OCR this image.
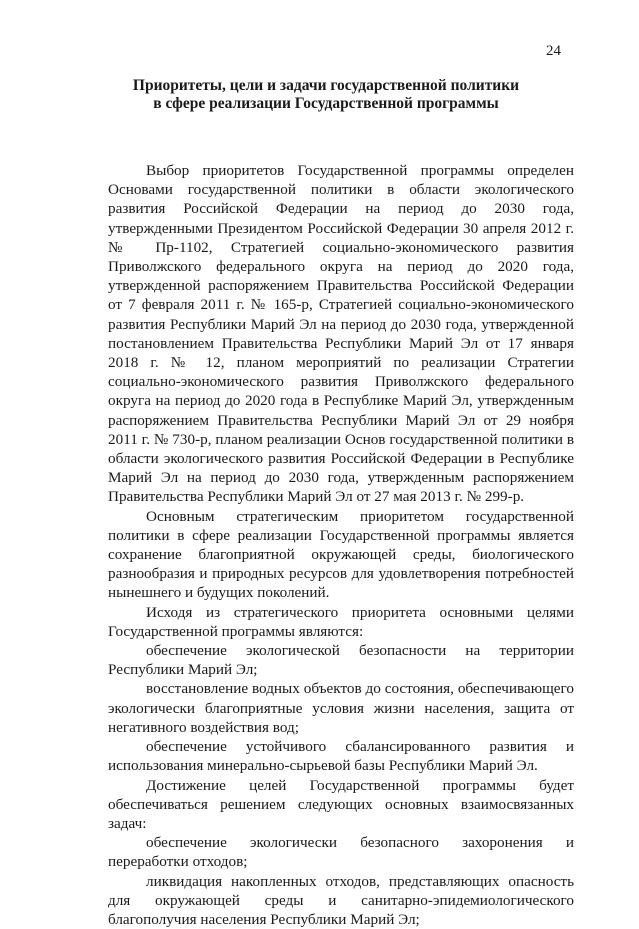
24
Приоритеты, цели и задачи государственной политики
в сфере реализации Государственной программы

Выбор приоритетов Государственной программы определен Основами государственной политики в области экологического развития Российской Федерации на период до 2030 года, утвержденными Президентом Российской Федерации 30 апреля 2012 г. № Пр-1102, Стратегией социально-экономического развития Приволжского федерального округа на период до 2020 года, утвержденной распоряжением Правительства Российской Федерации от 7 февраля 2011 г. № 165-р, Стратегией социально-экономического развития Республики Марий Эл на период до 2030 года, утвержденной постановлением Правительства Республики Марий Эл от 17 января 2018 г. № 12, планом мероприятий по реализации Стратегии социально-экономического развития Приволжского федерального округа на период до 2020 года в Республике Марий Эл, утвержденным распоряжением Правительства Республики Марий Эл от 29 ноября 2011 г. № 730-р, планом реализации Основ государственной политики в области экологического развития Российской Федерации в Республике Марий Эл на период до 2030 года, утвержденным распоряжением Правительства Республики Марий Эл от 27 мая 2013 г. № 299-р.

Основным стратегическим приоритетом государственной политики в сфере реализации Государственной программы является сохранение благоприятной окружающей среды, биологического разнообразия и природных ресурсов для удовлетворения потребностей нынешнего и будущих поколений.

Исходя из стратегического приоритета основными целями Государственной программы являются:

обеспечение экологической безопасности на территории Республики Марий Эл;

восстановление водных объектов до состояния, обеспечивающего экологически благоприятные условия жизни населения, защита от негативного воздействия вод;

обеспечение устойчивого сбалансированного развития и использования минерально-сырьевой базы Республики Марий Эл.

Достижение целей Государственной программы будет обеспечиваться решением следующих основных взаимосвязанных задач:

обеспечение экологически безопасного захоронения и переработки отходов;

ликвидация накопленных отходов, представляющих опасность для окружающей среды и санитарно-эпидемиологического благополучия населения Республики Марий Эл;
